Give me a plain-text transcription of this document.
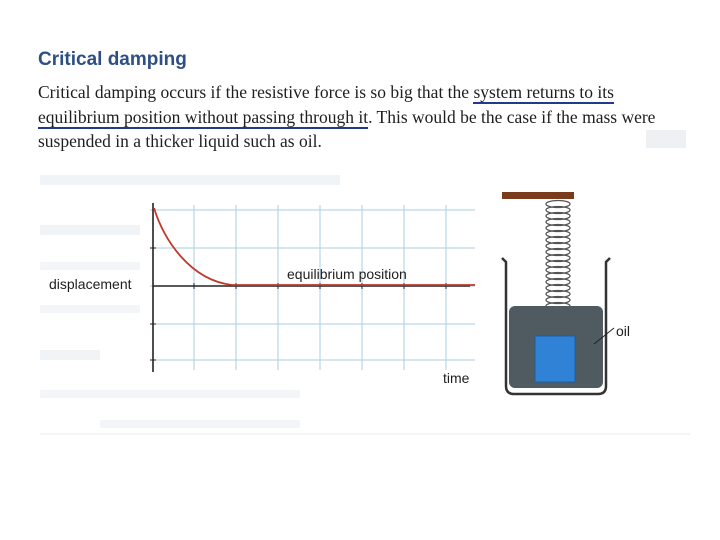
Critical damping
Critical damping occurs if the resistive force is so big that the system returns to its equilibrium position without passing through it. This would be the case if the mass were suspended in a thicker liquid such as oil.
displacement
equilibrium position
time
oil
